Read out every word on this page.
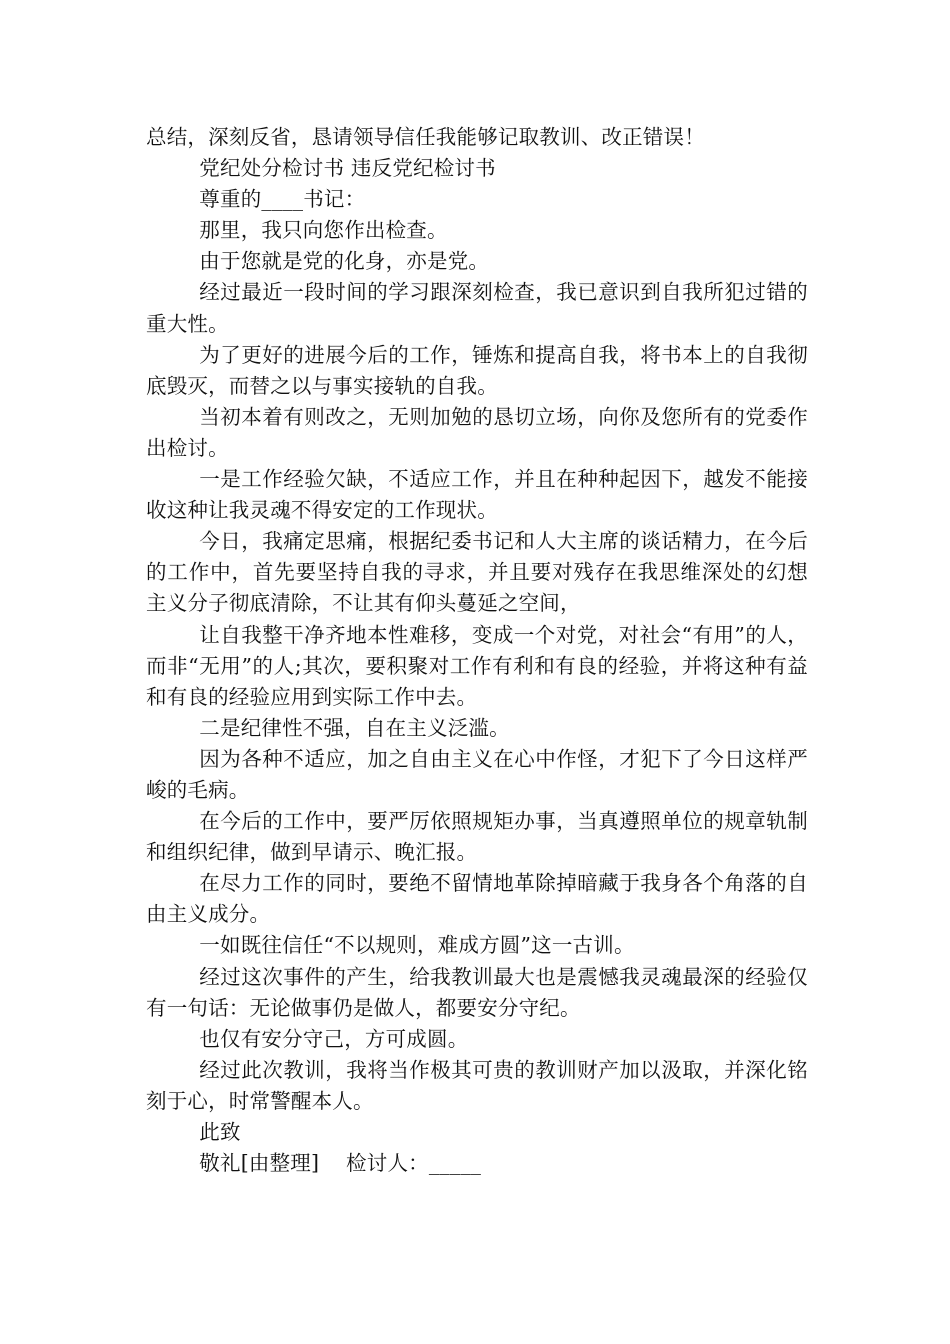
总结，深刻反省，恳请领导信任我能够记取教训、改正错误！

党纪处分检讨书 违反党纪检讨书

尊重的____书记：

那里，我只向您作出检查。

由于您就是党的化身，亦是党。

经过最近一段时间的学习跟深刻检查，我已意识到自我所犯过错的重大性。

为了更好的进展今后的工作，锤炼和提高自我，将书本上的自我彻底毁灭，而替之以与事实接轨的自我。

当初本着有则改之，无则加勉的恳切立场，向你及您所有的党委作出检讨。

一是工作经验欠缺，不适应工作，并且在种种起因下，越发不能接收这种让我灵魂不得安定的工作现状。

今日，我痛定思痛，根据纪委书记和人大主席的谈话精力，在今后的工作中，首先要坚持自我的寻求，并且要对残存在我思维深处的幻想主义分子彻底清除，不让其有仰头蔓延之空间，

让自我整干净齐地本性难移，变成一个对党，对社会“有用”的人，而非“无用”的人;其次，要积聚对工作有利和有良的经验，并将这种有益和有良的经验应用到实际工作中去。

二是纪律性不强，自在主义泛滥。

因为各种不适应，加之自由主义在心中作怪，才犯下了今日这样严峻的毛病。

在今后的工作中，要严厉依照规矩办事，当真遵照单位的规章轨制和组织纪律，做到早请示、晚汇报。

在尽力工作的同时，要绝不留情地革除掉暗藏于我身各个角落的自由主义成分。

一如既往信任“不以规则，难成方圆”这一古训。

经过这次事件的产生，给我教训最大也是震憾我灵魂最深的经验仅有一句话：无论做事仍是做人，都要安分守纪。

也仅有安分守己，方可成圆。

经过此次教训，我将当作极其可贵的教训财产加以汲取，并深化铭刻于心，时常警醒本人。

此致

敬礼[由整理]    检讨人：_____
